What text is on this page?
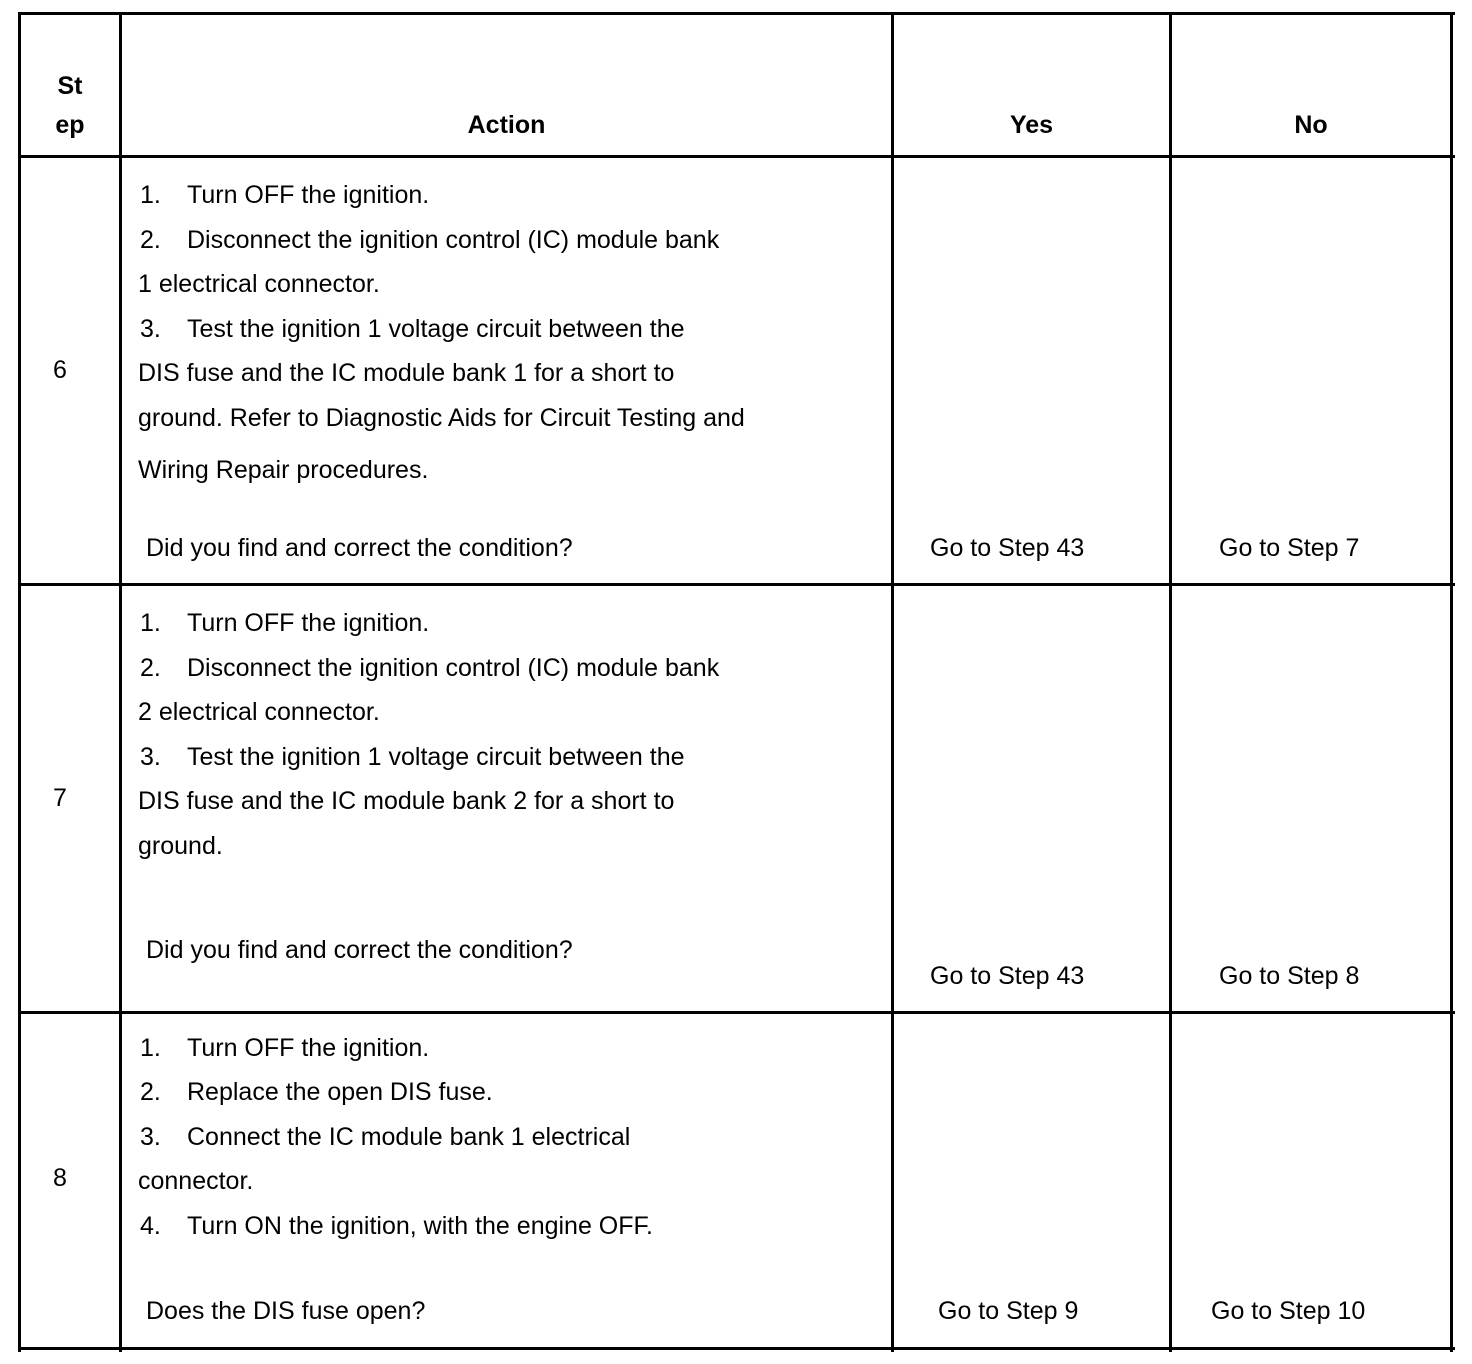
St
ep	Action	Yes	No
6
1. Turn OFF the ignition.
2. Disconnect the ignition control (IC) module bank
1 electrical connector.
3. Test the ignition 1 voltage circuit between the
DIS fuse and the IC module bank 1 for a short to
ground. Refer to Diagnostic Aids for Circuit Testing and
Wiring Repair procedures.
Did you find and correct the condition?	Go to Step 43	Go to Step 7
7
1. Turn OFF the ignition.
2. Disconnect the ignition control (IC) module bank
2 electrical connector.
3. Test the ignition 1 voltage circuit between the
DIS fuse and the IC module bank 2 for a short to
ground.
Did you find and correct the condition?
Go to Step 43	Go to Step 8
8
1. Turn OFF the ignition.
2. Replace the open DIS fuse.
3. Connect the IC module bank 1 electrical
connector.
4. Turn ON the ignition, with the engine OFF.
Does the DIS fuse open?	Go to Step 9	Go to Step 10
